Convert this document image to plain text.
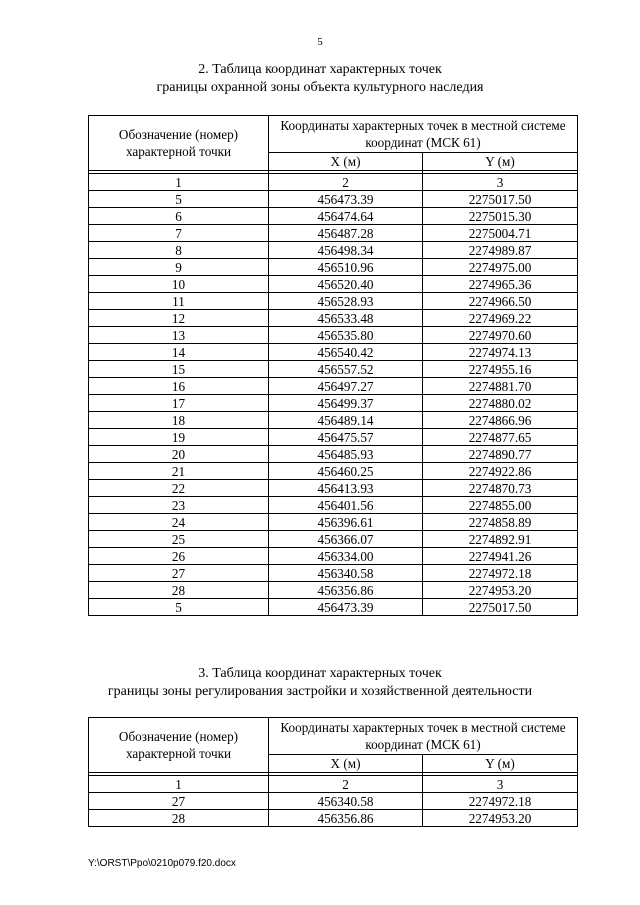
5
2. Таблица координат характерных точек
границы охранной зоны объекта культурного наследия
Обозначение (номер) характерной точки	Координаты характерных точек в местной системе координат (МСК 61)	
	X (м)	Y (м)

1	2	3
5	456473.39	2275017.50
6	456474.64	2275015.30
7	456487.28	2275004.71
8	456498.34	2274989.87
9	456510.96	2274975.00
10	456520.40	2274965.36
11	456528.93	2274966.50
12	456533.48	2274969.22
13	456535.80	2274970.60
14	456540.42	2274974.13
15	456557.52	2274955.16
16	456497.27	2274881.70
17	456499.37	2274880.02
18	456489.14	2274866.96
19	456475.57	2274877.65
20	456485.93	2274890.77
21	456460.25	2274922.86
22	456413.93	2274870.73
23	456401.56	2274855.00
24	456396.61	2274858.89
25	456366.07	2274892.91
26	456334.00	2274941.26
27	456340.58	2274972.18
28	456356.86	2274953.20
5	456473.39	2275017.50
3. Таблица координат характерных точек
границы зоны регулирования застройки и хозяйственной деятельности
Обозначение (номер) характерной точки	Координаты характерных точек в местной системе координат (МСК 61)	
	X (м)	Y (м)

1	2	3
27	456340.58	2274972.18
28	456356.86	2274953.20
Y:\ORST\Ppo\0210p079.f20.docx
